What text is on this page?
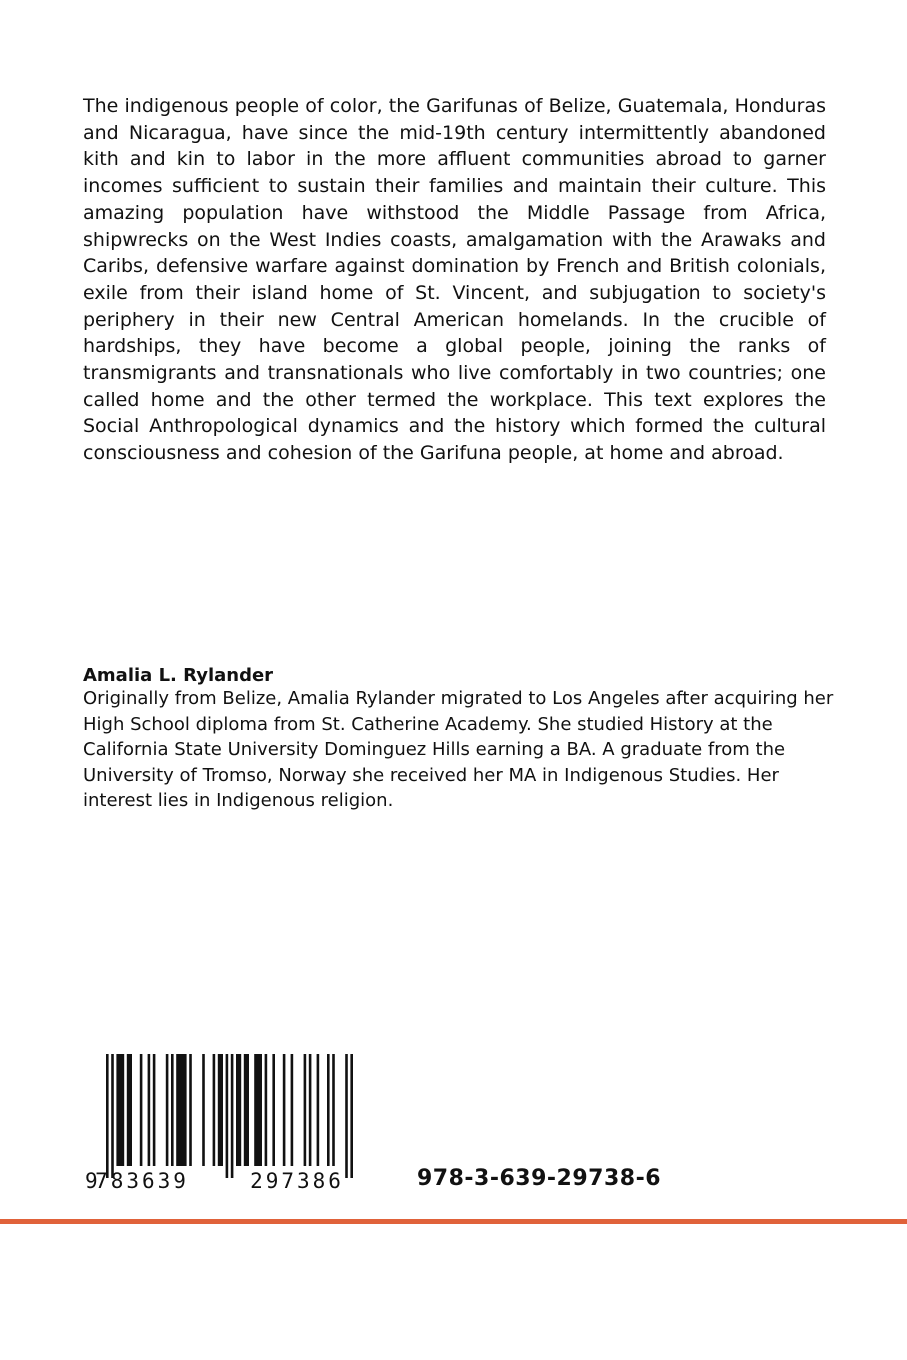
The indigenous people of color, the Garifunas of Belize, Guatemala, Honduras and Nicaragua, have since the mid-19th century intermittently abandoned kith and kin to labor in the more affluent communities abroad to garner incomes sufficient to sustain their families and maintain their culture. This amazing population have withstood the Middle Passage from Africa, shipwrecks on the West Indies coasts, amalgamation with the Arawaks and Caribs, defensive warfare against domination by French and British colonials, exile from their island home of St. Vincent, and subjugation to society's periphery in their new Central American homelands. In the crucible of hardships, they have become a global people, joining the ranks of transmigrants and transnationals who live comfortably in two countries; one called home and the other termed the workplace. This text explores the Social Anthropological dynamics and the history which formed the cultural consciousness and cohesion of the Garifuna people, at home and abroad.

Amalia L. Rylander

Originally from Belize, Amalia Rylander migrated to Los Angeles after acquiring her High School diploma from St. Catherine Academy. She studied History at the California State University Dominguez Hills earning a BA. A graduate from the University of Tromso, Norway she received her MA in Indigenous Studies. Her interest lies in Indigenous religion.

9
783639	297386	978-3-639-29738-6
